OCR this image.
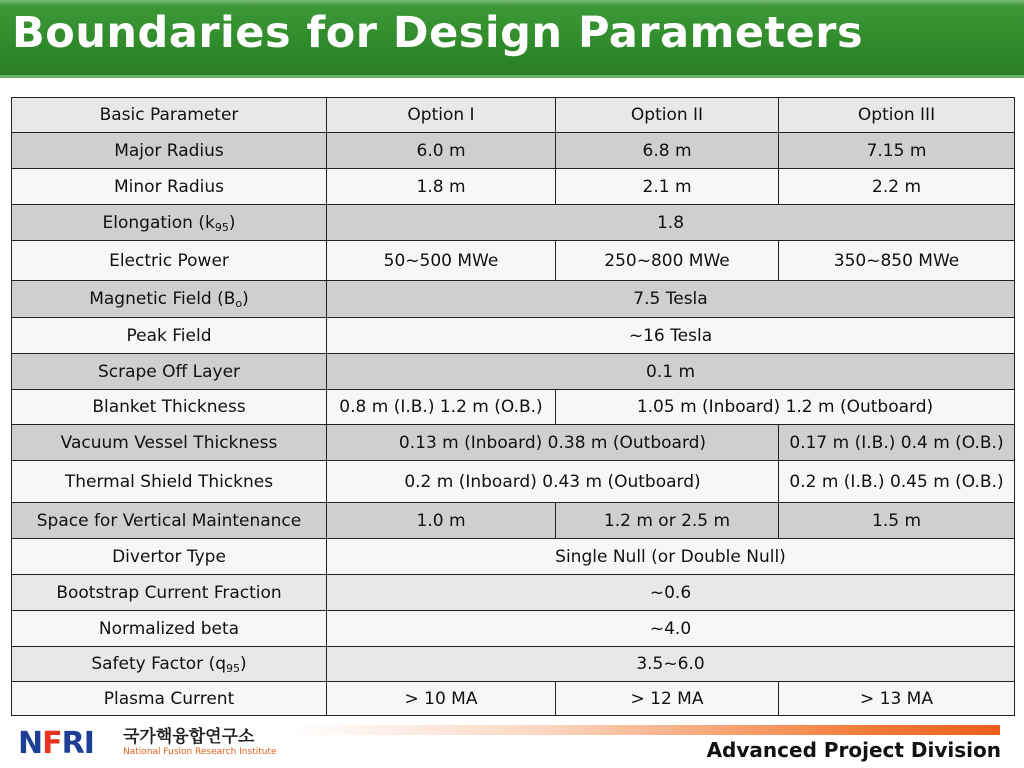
Boundaries for Design Parameters
Basic Parameter	Option I	Option II	Option III
Major Radius	6.0 m	6.8 m	7.15 m
Minor Radius	1.8 m	2.1 m	2.2 m
Elongation $(k_{95})$	1.8		
Electric Power	50~500 MWe	250~800 MWe	350~850 MWe
Magnetic Field $(B_o)$	7.5 Tesla		
Peak Field	~16 Tesla		
Scrape Off Layer	0.1 m		
Blanket Thickness	0.8 m (I.B.) 1.2 m (O.B.)	1.05 m (Inboard) 1.2 m (Outboard)	
Vacuum Vessel Thickness	0.13 m (Inboard) 0.38 m (Outboard)		0.17 m (I.B.) 0.4 m (O.B.)
Thermal Shield Thicknes	0.2 m (Inboard) 0.43 m (Outboard)		0.2 m (I.B.) 0.45 m (O.B.)
Space for Vertical Maintenance	1.0 m	1.2 m or 2.5 m	1.5 m
Divertor Type	Single Null (or Double Null)		
Bootstrap Current Fraction	~0.6		
Normalized beta	~4.0		
Safety Factor $(q_{95})$	3.5~6.0		
Plasma Current	> 10 MA	> 12 MA	> 13 MA
NFRI 국가핵융합연구소
National Fusion Research Institute	Advanced Project Division
